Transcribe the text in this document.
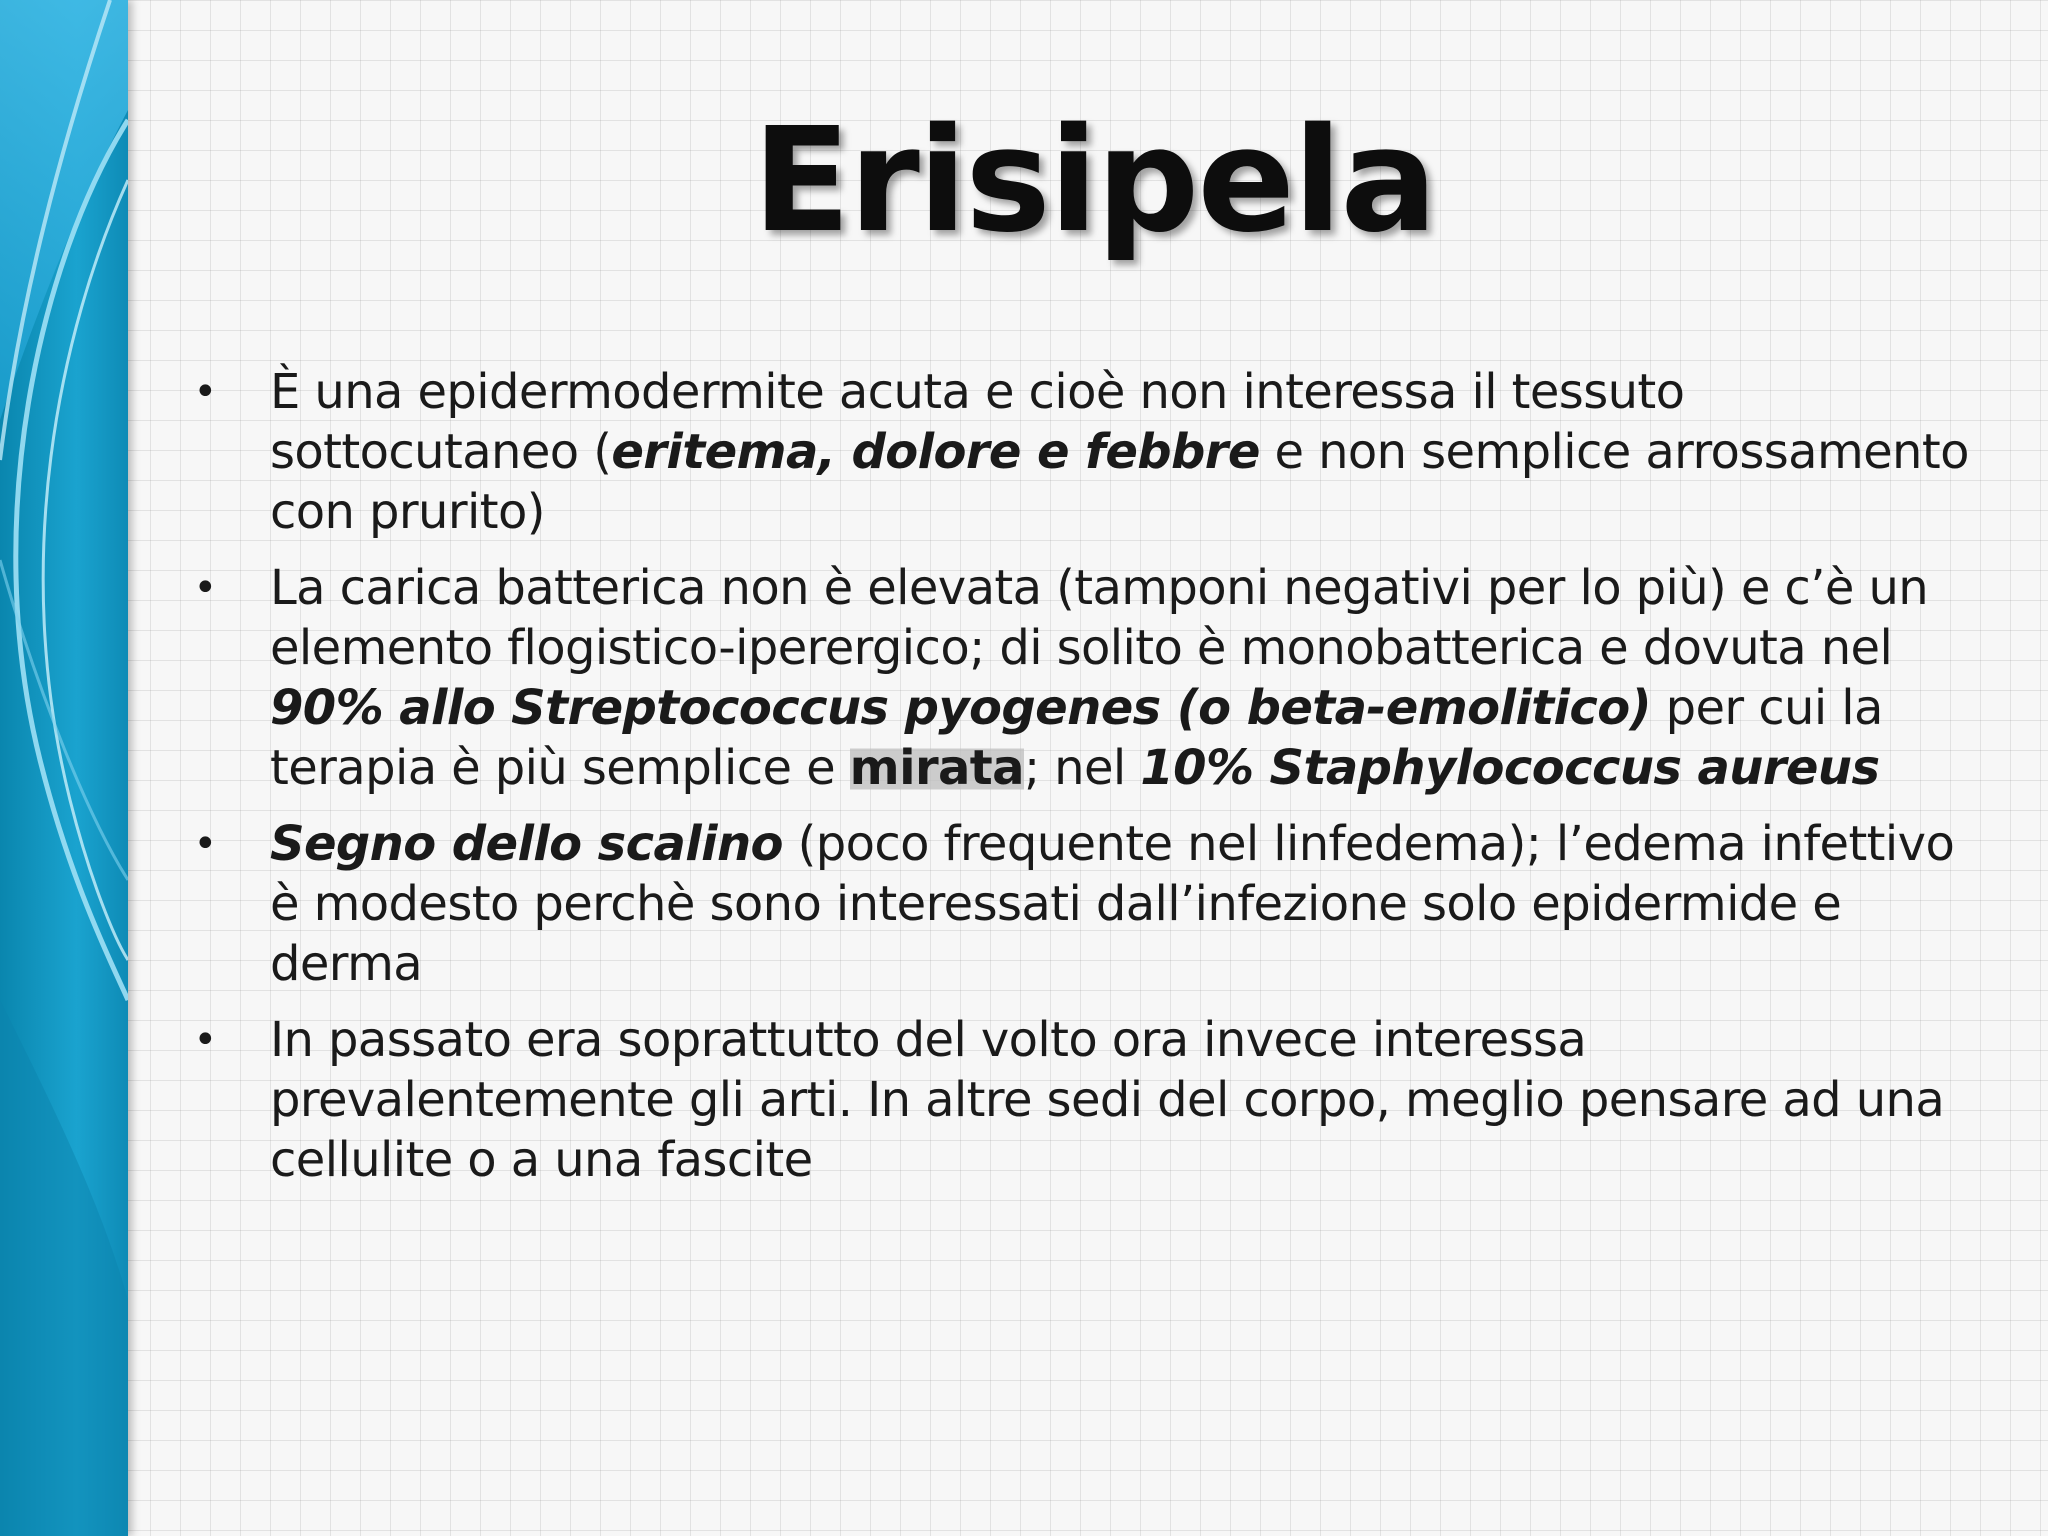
Erisipela
• È una epidermodermite acuta e cioè non interessa il tessuto sottocutaneo (eritema, dolore e febbre e non semplice arrossamento con prurito)
• La carica batterica non è elevata (tamponi negativi per lo più) e c’è un elemento flogistico-iperergico; di solito è monobatterica e dovuta nel 90% allo Streptococcus pyogenes (o beta-emolitico) per cui la terapia è più semplice e mirata; nel 10% Staphylococcus aureus
• Segno dello scalino (poco frequente nel linfedema); l’edema infettivo è modesto perchè sono interessati dall’infezione solo epidermide e derma
• In passato era soprattutto del volto ora invece interessa prevalentemente gli arti. In altre sedi del corpo, meglio pensare ad una cellulite o a una fascite
